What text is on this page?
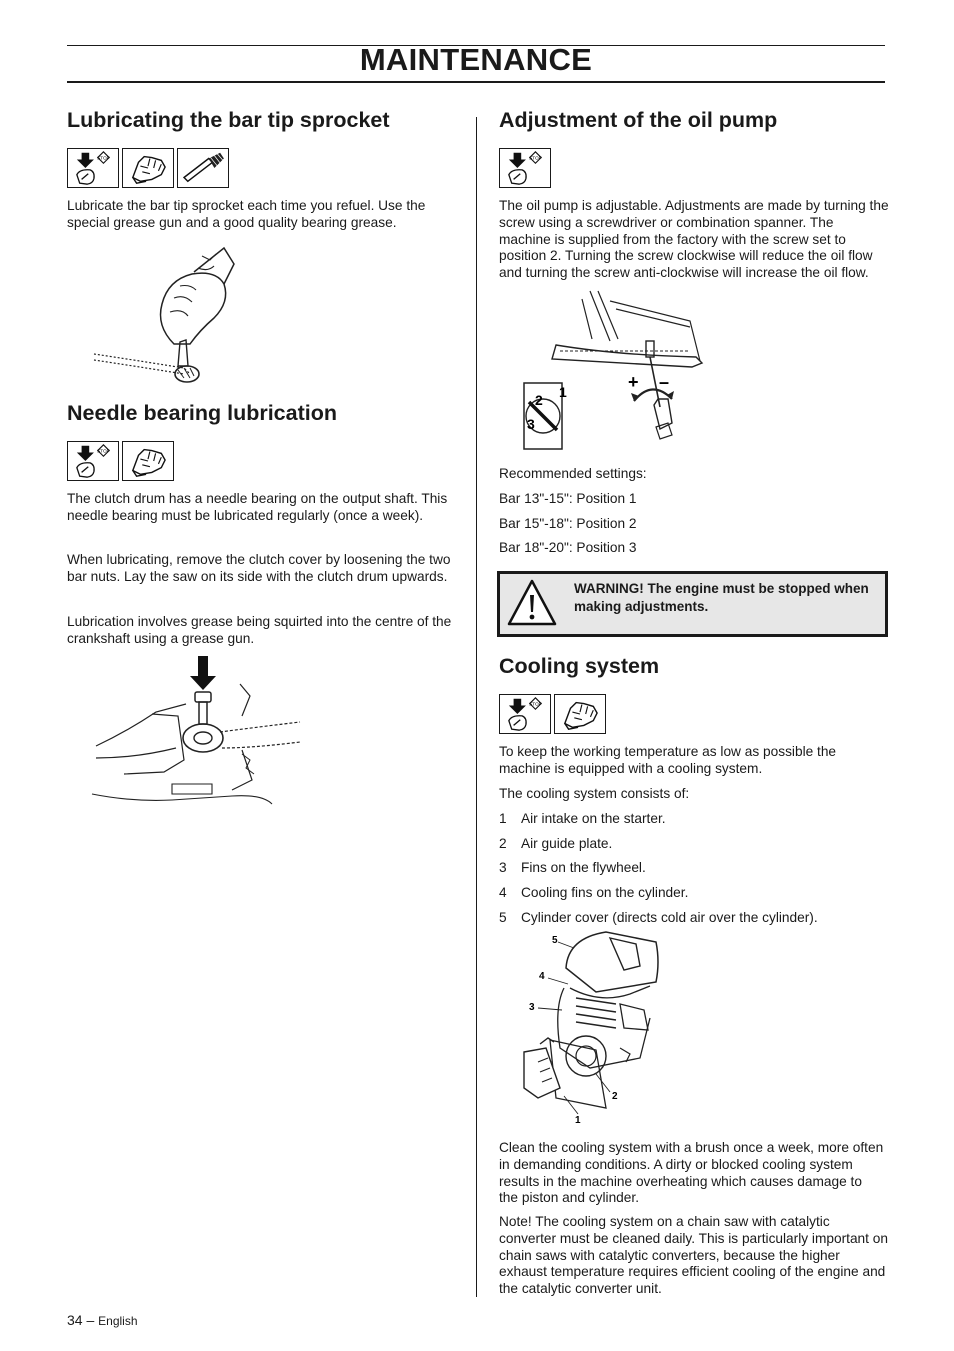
MAINTENANCE
Lubricating the bar tip sprocket
STOP

Lubricate the bar tip sprocket each time you refuel. Use the special grease gun and a good quality bearing grease.

Needle bearing lubrication
STOP

The clutch drum has a needle bearing on the output shaft. This needle bearing must be lubricated regularly (once a week).

When lubricating, remove the clutch cover by loosening the two bar nuts. Lay the saw on its side with the clutch drum upwards.

Lubrication involves grease being squirted into the centre of the crankshaft using a grease gun.

Adjustment of the oil pump
STOP

The oil pump is adjustable. Adjustments are made by turning the screw using a screwdriver or combination spanner. The machine is supplied from the factory with the screw set to position 2. Turning the screw clockwise will reduce the oil flow and turning the screw anti-clockwise will increase the oil flow.

+ –
1
2
3
Recommended settings:
Bar 13"-15": Position 1
Bar 15"-18": Position 2
Bar 18"-20": Position 3
WARNING! The engine must be stopped when making adjustments.
Cooling system
STOP

To keep the working temperature as low as possible the machine is equipped with a cooling system.

The cooling system consists of:
1 Air intake on the starter.
2 Air guide plate.
3 Fins on the flywheel.
4 Cooling fins on the cylinder.
5 Cylinder cover (directs cold air over the cylinder).
5
4
3
2
1

Clean the cooling system with a brush once a week, more often in demanding conditions. A dirty or blocked cooling system results in the machine overheating which causes damage to the piston and cylinder.

Note! The cooling system on a chain saw with catalytic converter must be cleaned daily. This is particularly important on chain saws with catalytic converters, because the higher exhaust temperature requires efficient cooling of the engine and the catalytic converter unit.

34 – English
